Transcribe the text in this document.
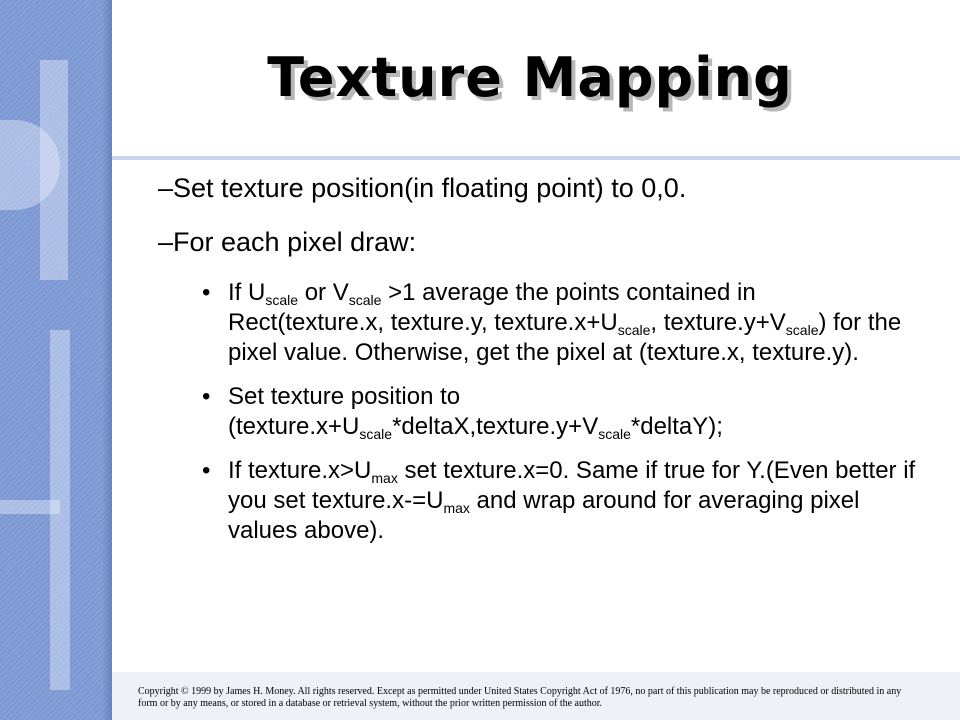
Texture Mapping
–Set texture position(in floating point) to 0,0.
–For each pixel draw:
• If $U_{scale}$ or $V_{scale} >1$ average the points contained in Rect(texture.x, texture.y, $texture.x+U_{scale}$, $texture.y+V_{scale}$) for the pixel value. Otherwise, get the pixel at (texture.x, texture.y).
• Set texture position to $(texture.x+U_{scale}*deltaX,texture.y+V_{scale}*deltaY)$;
• If $texture.x>U_{max}$ set texture.x=0. Same if true for Y.(Even better if you set $texture.x-=U_{max}$ and wrap around for averaging pixel values above).
Copyright © 1999 by James H. Money. All rights reserved. Except as permitted under United States Copyright Act of 1976, no part of this publication may be reproduced or distributed in any form or by any means, or stored in a database or retrieval system, without the prior written permission of the author.
